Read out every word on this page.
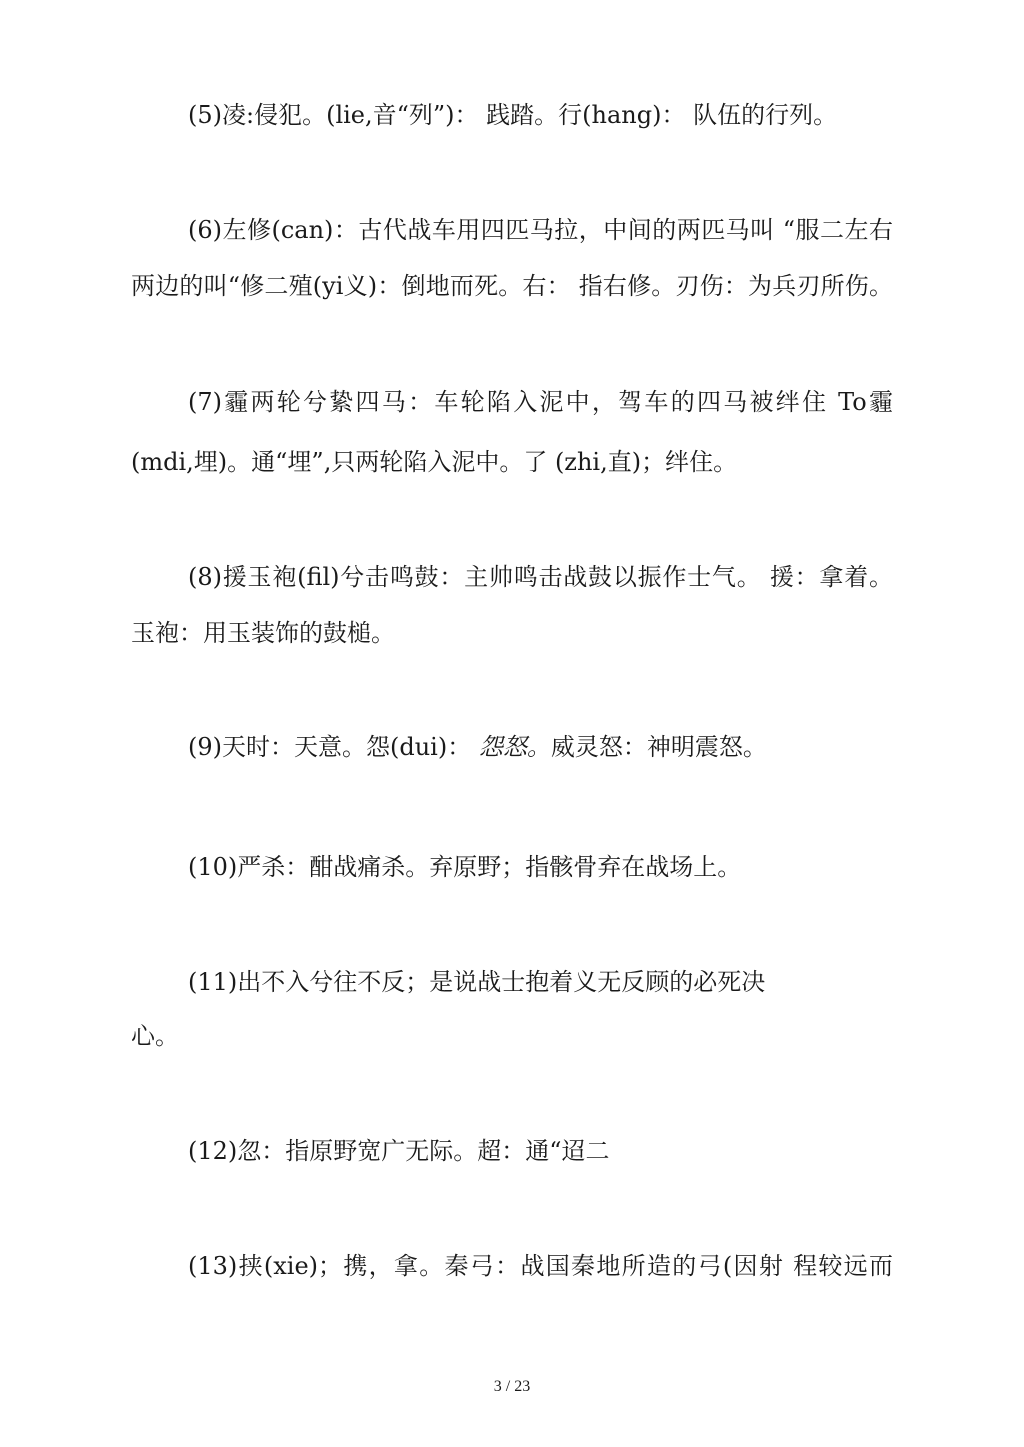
(5)凌:侵犯。(lie,音“列”)： 践踏。行(hang)： 队伍的行列。
(6)左修(can)：古代战车用四匹马拉，中间的两匹马叫 “服二左右
两边的叫“修二殖(yi义)：倒地而死。右： 指右修。刃伤：为兵刃所伤。
(7)霾两轮兮絷四马：车轮陷入泥中，驾车的四马被绊住 To霾
(mdi,埋)。通“埋”,只两轮陷入泥中。了 (zhi,直)；绊住。
(8)援玉袍(fil)兮击鸣鼓：主帅鸣击战鼓以振作士气。 援：拿着。
玉袍：用玉装饰的鼓槌。
(9)天时：天意。怨(dui)： 怨怒。威灵怒：神明震怒。
(10)严杀：酣战痛杀。弃原野；指骸骨弃在战场上。
(11)出不入兮往不反；是说战士抱着义无反顾的必死决
心。
(12)忽：指原野宽广无际。超：通“迢二
(13)挟(xie)；携，拿。秦弓：战国秦地所造的弓(因射 程较远而
3 / 23
